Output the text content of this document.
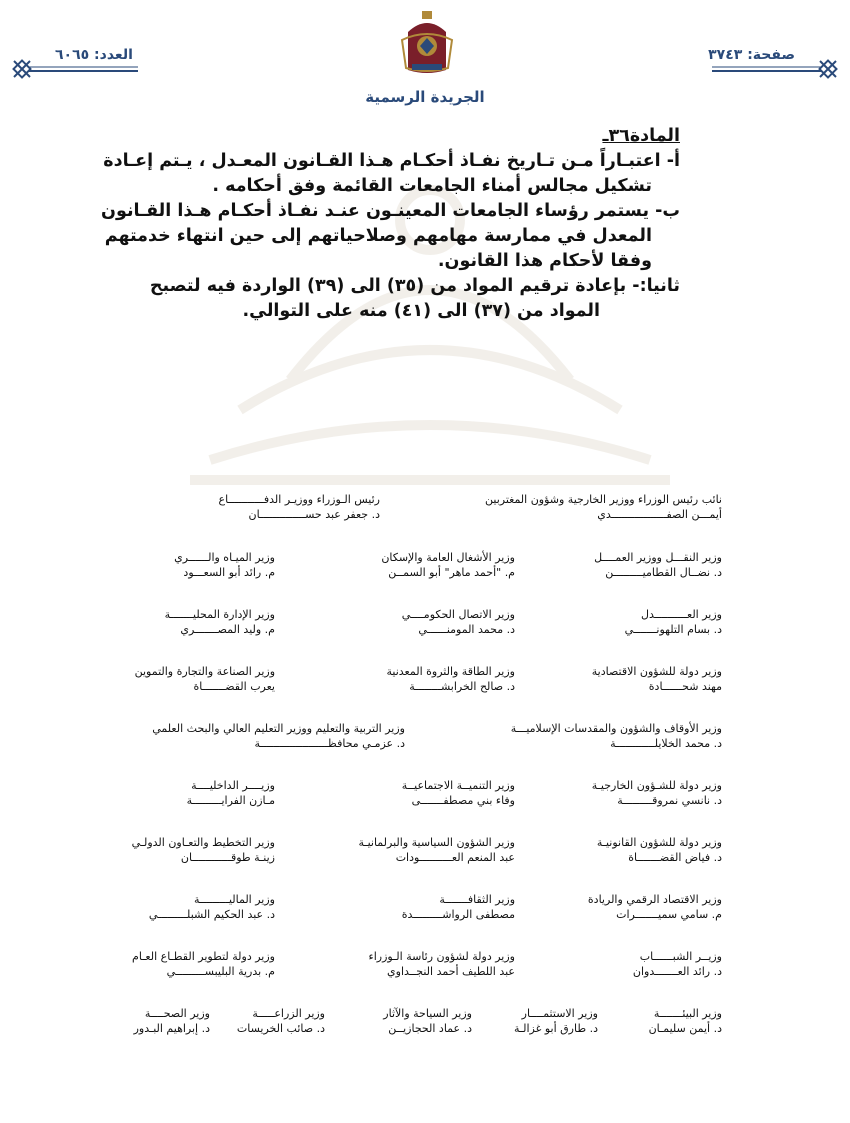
صفحة: ٣٧٤٣
العدد: ٦٠٦٥
الجريدة الرسمية
المادة٣٦ـ
أ- اعتبـاراً مـن تـاريخ نفـاذ أحكـام هـذا القـانون المعـدل ، يـتم إعـادة
تشكيل مجالس أمناء الجامعات القائمة وفق أحكامه .
ب- يستمر رؤساء الجامعات المعينـون عنـد نفـاذ أحكـام هـذا القـانون
المعدل في ممارسة مهامهم وصلاحياتهم إلى حين انتهاء خدمتهم
وفقا لأحكام هذا القانون.
ثانيا:- بإعادة ترقيم المواد من (٣٥) الى (٣٩) الواردة فيه لتصبح
المواد من (٣٧) الى (٤١) منه على التوالي.
نائب رئيس الوزراء ووزير الخارجية وشؤون المغتربين
أيمـــن الصفـــــــــــــــــدي
رئيس الـوزراء ووزيـر الدفـــــــــــاع
د. جعفر عبد حســــــــــــــان
وزير النقـــل ووزير العمــــل
د. نضــال القطاميـــــــــن
وزير الأشغال العامة والإسكان
م. "أحمد ماهر" أبو السمــن
وزير الميـاه والــــــري
م. رائد أبو السعـــود
وزير العــــــــــدل
د. بسام التلهونـــــــي
وزير الاتصال الحكومــــي
د. محمد المومنــــــي
وزير الإدارة المحليـــــــة
م. وليد المصـــــــري
وزير دولة للشؤون الاقتصادية
مهند شحــــــادة
وزير الطاقة والثروة المعدنية
د. صالح الخرابشــــــــة
وزير الصناعة والتجارة والتموين
يعرب القضـــــــاة
وزير الأوقاف والشؤون والمقدسات الإسلاميـــة
د. محمد الخلايلــــــــــــة
وزير التربية والتعليم ووزير التعليم العالي والبحث العلمي
د. عزمـي محافظـــــــــــــــــــــة
وزير دولة للشـؤون الخارجيـة
د. نانسي نمروقـــــــــة
وزير التنميــة الاجتماعيــة
وفاء بني مصطفـــــــى
وزيــــر الداخليــــة
مـازن الفرايـــــــــة
وزير دولة للشؤون القانونيـة
د. فياض القضـــــــاة
وزير الشؤون السياسية والبرلمانيـة
عبد المنعم العــــــــــودات
وزير التخطيط والتعـاون الدولـي
زينـة طوقــــــــــــان
وزير الاقتصاد الرقمي والريادة
م. سامي سميـــــــرات
وزير الثقافـــــــة
مصطفى الرواشـــــــــدة
وزير الماليـــــــــة
د. عبد الحكيم الشبلـــــــــي
وزيــر الشبــــــاب
د. رائد العـــــــدوان
وزير دولة لشؤون رئاسة الـوزراء
عبد اللطيف أحمد النجــداوي
وزير دولة لتطوير القطـاع العـام
م. بدرية البليبســـــــــي
وزير البيئـــــــة
د. أيمن سليمـان
وزير الاستثمــــار
د. طارق أبو غزالـة
وزير السياحة والآثار
د. عماد الحجازيــن
وزير الزراعـــــة
د. صائب الخريسات
وزير الصحــــة
د. إبراهيم البـدور
